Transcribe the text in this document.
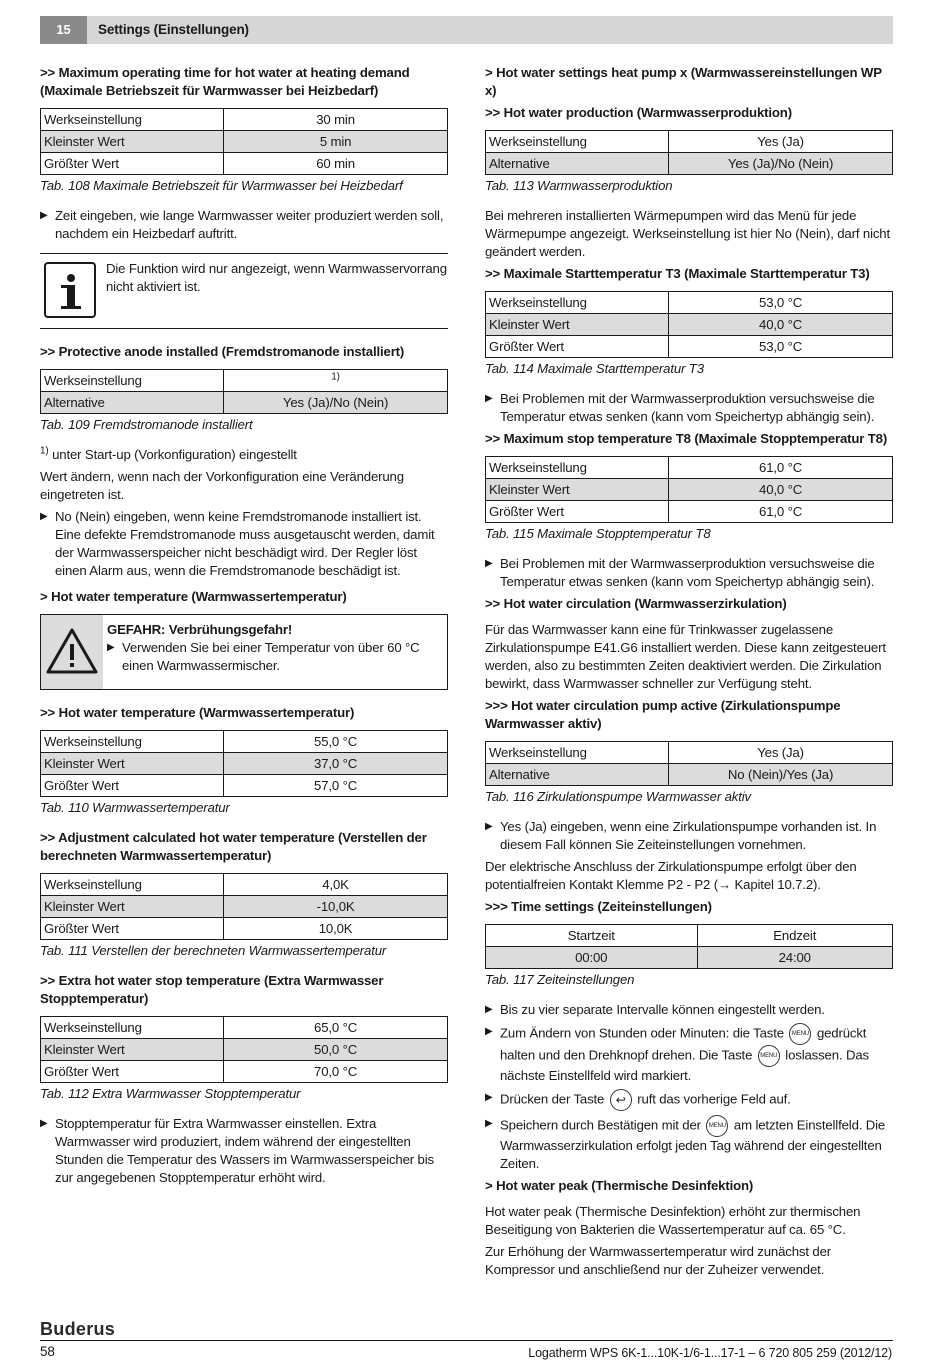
15	Settings (Einstellungen)
>> Maximum operating time for hot water at heating demand (Maximale Betriebszeit für Warmwasser bei Heizbedarf)
Werkseinstellung	30 min
Kleinster Wert	5 min
Größter Wert	60 min
Tab. 108 Maximale Betriebszeit für Warmwasser bei Heizbedarf
▶ Zeit eingeben, wie lange Warmwasser weiter produziert werden soll, nachdem ein Heizbedarf auftritt.
Die Funktion wird nur angezeigt, wenn Warmwasservorrang nicht aktiviert ist.
>> Protective anode installed (Fremdstromanode installiert)
Werkseinstellung	$^{1)}$
Alternative	Yes (Ja)/No (Nein)
Tab. 109 Fremdstromanode installiert

$^{1)}$ unter Start-up (Vorkonfiguration) eingestellt

Wert ändern, wenn nach der Vorkonfiguration eine Veränderung eingetreten ist.

▶ No (Nein) eingeben, wenn keine Fremdstromanode installiert ist. Eine defekte Fremdstromanode muss ausgetauscht werden, damit der Warmwasserspeicher nicht beschädigt wird. Der Regler löst einen Alarm aus, wenn die Fremdstromanode beschädigt ist.
> Hot water temperature (Warmwassertemperatur)
GEFAHR: Verbrühungsgefahr!
▶ Verwenden Sie bei einer Temperatur von über 60 °C einen Warmwassermischer.
>> Hot water temperature (Warmwassertemperatur)
Werkseinstellung	55,0 °C
Kleinster Wert	37,0 °C
Größter Wert	57,0 °C
Tab. 110 Warmwassertemperatur
>> Adjustment calculated hot water temperature (Verstellen der berechneten Warmwassertemperatur)
Werkseinstellung	4,0K
Kleinster Wert	-10,0K
Größter Wert	10,0K
Tab. 111 Verstellen der berechneten Warmwassertemperatur
>> Extra hot water stop temperature (Extra Warmwasser Stopptemperatur)
Werkseinstellung	65,0 °C
Kleinster Wert	50,0 °C
Größter Wert	70,0 °C
Tab. 112 Extra Warmwasser Stopptemperatur
▶ Stopptemperatur für Extra Warmwasser einstellen. Extra Warmwasser wird produziert, indem während der eingestellten Stunden die Temperatur des Wassers im Warmwasserspeicher bis zur angegebenen Stopptemperatur erhöht wird.
> Hot water settings heat pump x (Warmwassereinstellungen WP x)
>> Hot water production (Warmwasserproduktion)
Werkseinstellung	Yes (Ja)
Alternative	Yes (Ja)/No (Nein)
Tab. 113 Warmwasserproduktion

Bei mehreren installierten Wärmepumpen wird das Menü für jede Wärmepumpe angezeigt. Werkseinstellung ist hier No (Nein), darf nicht geändert werden.

>> Maximale Starttemperatur T3 (Maximale Starttemperatur T3)
Werkseinstellung	53,0 °C
Kleinster Wert	40,0 °C
Größter Wert	53,0 °C
Tab. 114 Maximale Starttemperatur T3
▶ Bei Problemen mit der Warmwasserproduktion versuchsweise die Temperatur etwas senken (kann vom Speichertyp abhängig sein).
>> Maximum stop temperature T8 (Maximale Stopptemperatur T8)
Werkseinstellung	61,0 °C
Kleinster Wert	40,0 °C
Größter Wert	61,0 °C
Tab. 115 Maximale Stopptemperatur T8
▶ Bei Problemen mit der Warmwasserproduktion versuchsweise die Temperatur etwas senken (kann vom Speichertyp abhängig sein).
>> Hot water circulation (Warmwasserzirkulation)

Für das Warmwasser kann eine für Trinkwasser zugelassene Zirkulationspumpe E41.G6 installiert werden. Diese kann zeitgesteuert werden, also zu bestimmten Zeiten deaktiviert werden. Die Zirkulation bewirkt, dass Warmwasser schneller zur Verfügung steht.

>>> Hot water circulation pump active (Zirkulationspumpe Warmwasser aktiv)
Werkseinstellung	Yes (Ja)
Alternative	No (Nein)/Yes (Ja)
Tab. 116 Zirkulationspumpe Warmwasser aktiv
▶ Yes (Ja) eingeben, wenn eine Zirkulationspumpe vorhanden ist. In diesem Fall können Sie Zeiteinstellungen vornehmen.

Der elektrische Anschluss der Zirkulationspumpe erfolgt über den potentialfreien Kontakt Klemme P2 - P2 (→ Kapitel 10.7.2).

>>> Time settings (Zeiteinstellungen)
Startzeit	Endzeit
00:00	24:00
Tab. 117 Zeiteinstellungen
▶ Bis zu vier separate Intervalle können eingestellt werden.
▶ Zum Ändern von Stunden oder Minuten: die Taste MENU gedrückt halten und den Drehknopf drehen. Die Taste MENU loslassen. Das nächste Einstellfeld wird markiert.
▶ Drücken der Taste ↩ ruft das vorherige Feld auf.
▶ Speichern durch Bestätigen mit der MENU am letzten Einstellfeld. Die Warmwasserzirkulation erfolgt jeden Tag während der eingestellten Zeiten.
> Hot water peak (Thermische Desinfektion)

Hot water peak (Thermische Desinfektion) erhöht zur thermischen Beseitigung von Bakterien die Wassertemperatur auf ca. 65 °C.

Zur Erhöhung der Warmwassertemperatur wird zunächst der Kompressor und anschließend nur der Zuheizer verwendet.

Buderus
58	Logatherm WPS 6K-1...10K-1/6-1...17-1 – 6 720 805 259 (2012/12)
